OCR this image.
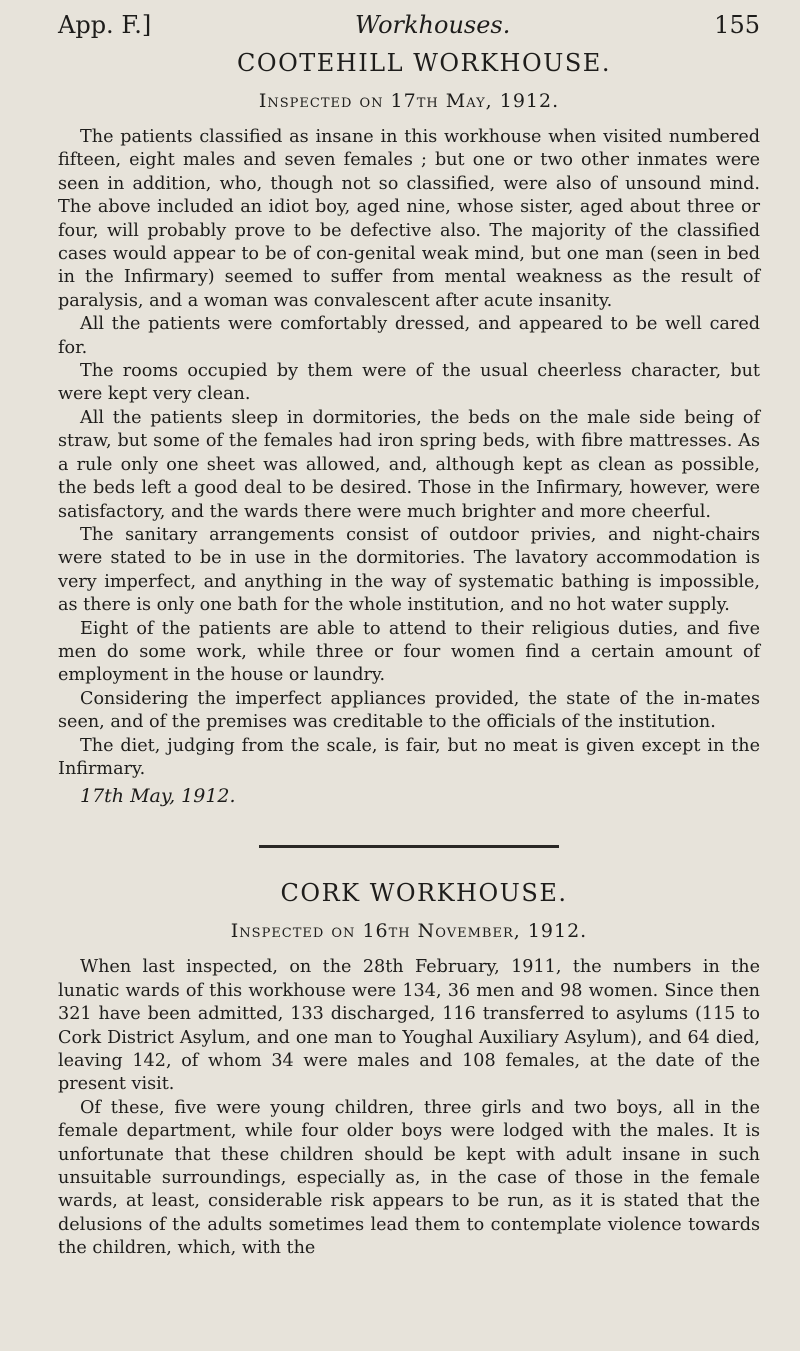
App. F.]	Workhouses.	155
COOTEHILL WORKHOUSE.
Inspected on 17th May, 1912.

The patients classified as insane in this workhouse when visited numbered fifteen, eight males and seven females ; but one or two other inmates were seen in addition, who, though not so classified, were also of unsound mind. The above included an idiot boy, aged nine, whose sister, aged about three or four, will probably prove to be defective also. The majority of the classified cases would appear to be of con-genital weak mind, but one man (seen in bed in the Infirmary) seemed to suffer from mental weakness as the result of paralysis, and a woman was convalescent after acute insanity.

All the patients were comfortably dressed, and appeared to be well cared for.

The rooms occupied by them were of the usual cheerless character, but were kept very clean.

All the patients sleep in dormitories, the beds on the male side being of straw, but some of the females had iron spring beds, with fibre mattresses. As a rule only one sheet was allowed, and, although kept as clean as possible, the beds left a good deal to be desired. Those in the Infirmary, however, were satisfactory, and the wards there were much brighter and more cheerful.

The sanitary arrangements consist of outdoor privies, and night-chairs were stated to be in use in the dormitories. The lavatory accommodation is very imperfect, and anything in the way of systematic bathing is impossible, as there is only one bath for the whole institution, and no hot water supply.

Eight of the patients are able to attend to their religious duties, and five men do some work, while three or four women find a certain amount of employment in the house or laundry.

Considering the imperfect appliances provided, the state of the in-mates seen, and of the premises was creditable to the officials of the institution.

The diet, judging from the scale, is fair, but no meat is given except in the Infirmary.

17th May, 1912.
CORK WORKHOUSE.
Inspected on 16th November, 1912.

When last inspected, on the 28th February, 1911, the numbers in the lunatic wards of this workhouse were 134, 36 men and 98 women. Since then 321 have been admitted, 133 discharged, 116 transferred to asylums (115 to Cork District Asylum, and one man to Youghal Auxiliary Asylum), and 64 died, leaving 142, of whom 34 were males and 108 females, at the date of the present visit.

Of these, five were young children, three girls and two boys, all in the female department, while four older boys were lodged with the males. It is unfortunate that these children should be kept with adult insane in such unsuitable surroundings, especially as, in the case of those in the female wards, at least, considerable risk appears to be run, as it is stated that the delusions of the adults sometimes lead them to contemplate violence towards the children, which, with the
